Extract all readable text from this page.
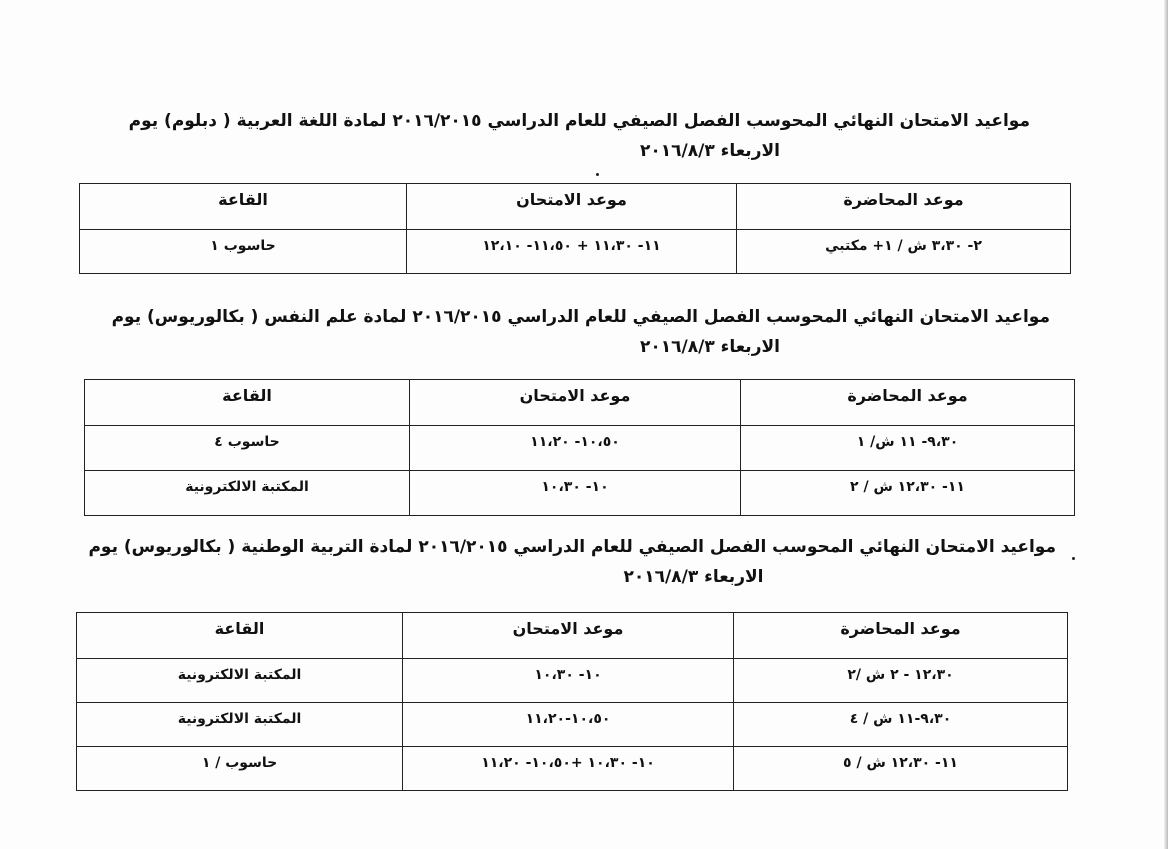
مواعيد الامتحان النهائي المحوسب الفصل الصيفي للعام الدراسي ٢٠١٦/٢٠١٥ لمادة اللغة العربية ( دبلوم) يوم
الاربعاء ٢٠١٦/٨/٣
موعد المحاضرة	موعد الامتحان	القاعة
٢- ٣،٣٠ ش / ١+ مكتبي	١١- ١١،٣٠ + ١١،٥٠- ١٢،١٠	حاسوب ١
مواعيد الامتحان النهائي المحوسب الفصل الصيفي للعام الدراسي ٢٠١٦/٢٠١٥ لمادة علم النفس ( بكالوريوس) يوم
الاربعاء ٢٠١٦/٨/٣
موعد المحاضرة	موعد الامتحان	القاعة
٩،٣٠- ١١ ش/ ١	١٠،٥٠- ١١،٢٠	حاسوب ٤
١١- ١٢،٣٠ ش / ٢	١٠- ١٠،٣٠	المكتبة الالكترونية
مواعيد الامتحان النهائي المحوسب الفصل الصيفي للعام الدراسي ٢٠١٦/٢٠١٥ لمادة التربية الوطنية ( بكالوريوس) يوم
الاربعاء ٢٠١٦/٨/٣
موعد المحاضرة	موعد الامتحان	القاعة
١٢،٣٠ - ٢ ش /٢	١٠- ١٠،٣٠	المكتبة الالكترونية
٩،٣٠-١١ ش / ٤	١٠،٥٠-١١،٢٠	المكتبة الالكترونية
١١- ١٢،٣٠ ش / ٥	١٠- ١٠،٣٠ +١٠،٥٠- ١١،٢٠	حاسوب / ١
